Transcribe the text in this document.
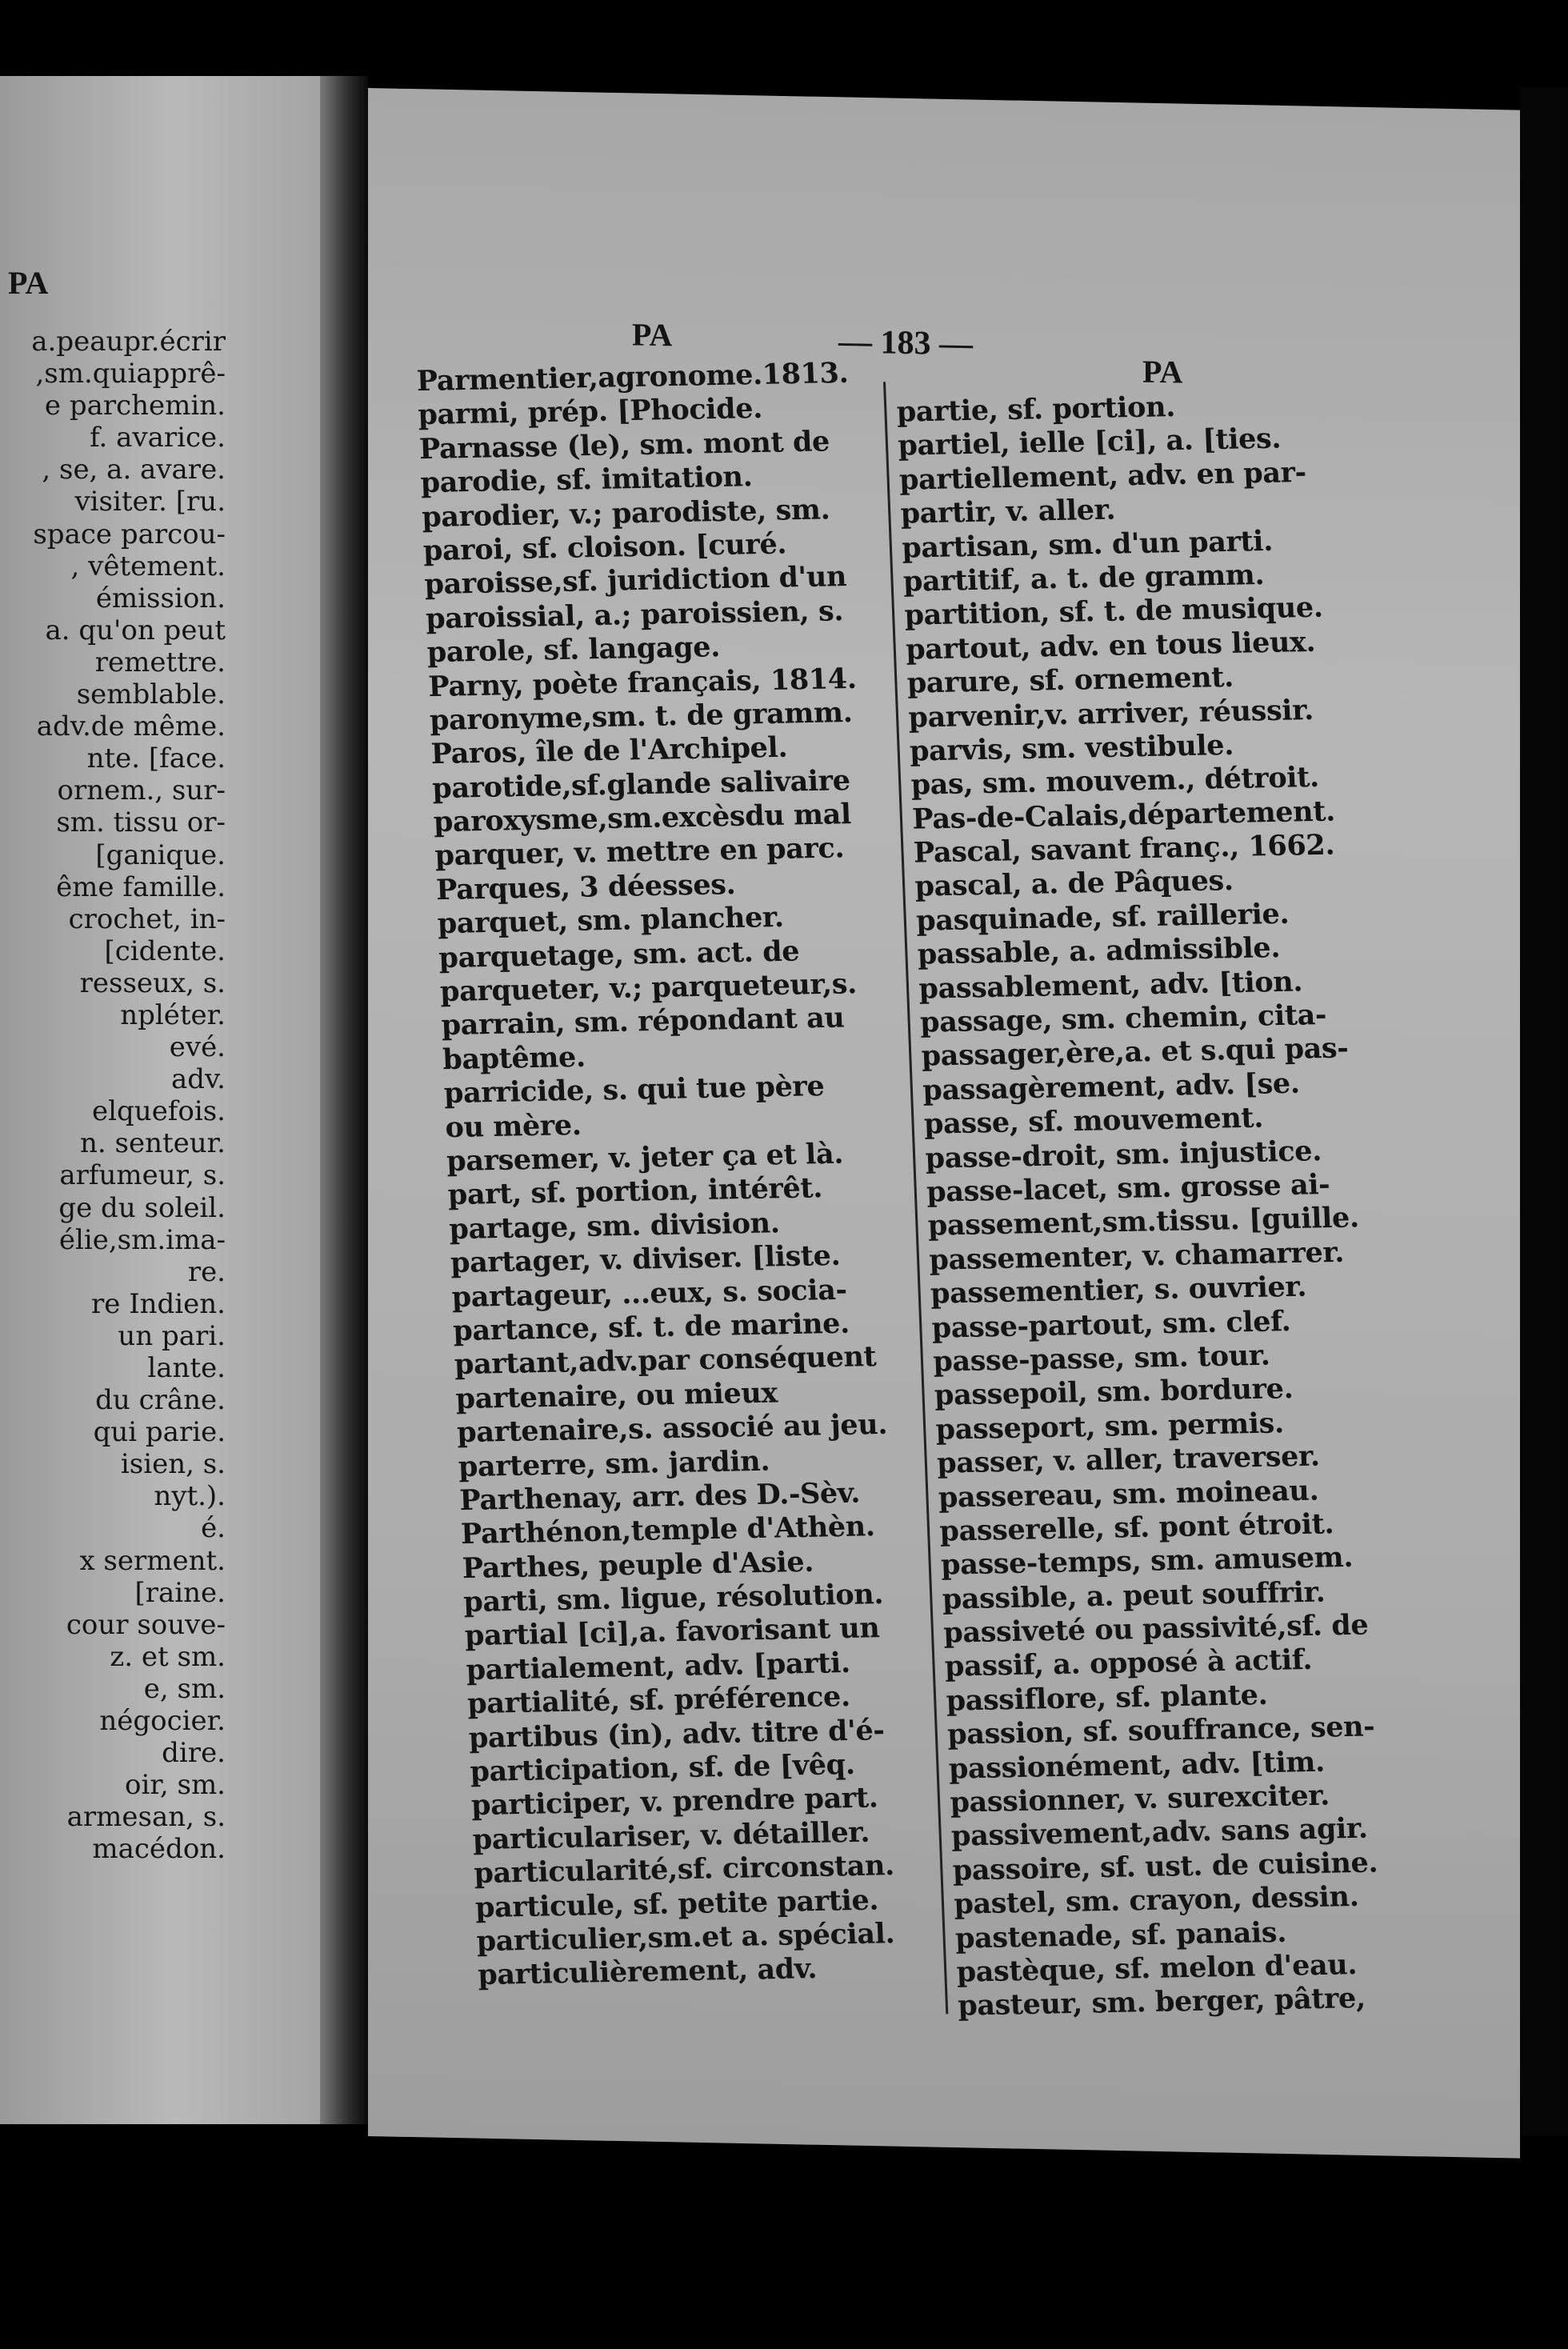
PA
a.peaupr.écrir
,sm.quiapprê-
e parchemin.
f. avarice.
, se, a. avare.
visiter. [ru.
space parcou-
, vêtement.
émission.
a. qu'on peut
remettre.
semblable.
adv.de même.
nte. [face.
ornem., sur-
sm. tissu or-
[ganique.
ême famille.
crochet, in-
[cidente.
resseux, s.
npléter.
evé.
adv.
elquefois.
n. senteur.
arfumeur, s.
ge du soleil.
élie,sm.ima-
re.
re Indien.
un pari.
lante.
du crâne.
qui parie.
isien, s.
nyt.).
é.
x serment.
[raine.
cour souve-
z. et sm.
e, sm.
négocier.
dire.
oir, sm.
armesan, s.
macédon.
PA	— 183 —
PA
Parmentier,agronome.1813.
parmi, prép. [Phocide.
Parnasse (le), sm. mont de
parodie, sf. imitation.
parodier, v.; parodiste, sm.
paroi, sf. cloison. [curé.
paroisse,sf. juridiction d'un
paroissial, a.; paroissien, s.
parole, sf. langage.
Parny, poète français, 1814.
paronyme,sm. t. de gramm.
Paros, île de l'Archipel.
parotide,sf.glande salivaire
paroxysme,sm.excèsdu mal
parquer, v. mettre en parc.
Parques, 3 déesses.
parquet, sm. plancher.
parquetage, sm. act. de
parqueter, v.; parqueteur,s.
parrain, sm. répondant au
baptême.
parricide, s. qui tue père
ou mère.
parsemer, v. jeter ça et là.
part, sf. portion, intérêt.
partage, sm. division.
partager, v. diviser. [liste.
partageur, ...eux, s. socia-
partance, sf. t. de marine.
partant,adv.par conséquent
partenaire, ou mieux
partenaire,s. associé au jeu.
parterre, sm. jardin.
Parthenay, arr. des D.-Sèv.
Parthénon,temple d'Athèn.
Parthes, peuple d'Asie.
parti, sm. ligue, résolution.
partial [ci],a. favorisant un
partialement, adv. [parti.
partialité, sf. préférence.
partibus (in), adv. titre d'é-
participation, sf. de [vêq.
participer, v. prendre part.
particulariser, v. détailler.
particularité,sf. circonstan.
particule, sf. petite partie.
particulier,sm.et a. spécial.
particulièrement, adv.
partie, sf. portion.
partiel, ielle [ci], a. [ties.
partiellement, adv. en par-
partir, v. aller.
partisan, sm. d'un parti.
partitif, a. t. de gramm.
partition, sf. t. de musique.
partout, adv. en tous lieux.
parure, sf. ornement.
parvenir,v. arriver, réussir.
parvis, sm. vestibule.
pas, sm. mouvem., détroit.
Pas-de-Calais,département.
Pascal, savant franç., 1662.
pascal, a. de Pâques.
pasquinade, sf. raillerie.
passable, a. admissible.
passablement, adv. [tion.
passage, sm. chemin, cita-
passager,ère,a. et s.qui pas-
passagèrement, adv. [se.
passe, sf. mouvement.
passe-droit, sm. injustice.
passe-lacet, sm. grosse ai-
passement,sm.tissu. [guille.
passementer, v. chamarrer.
passementier, s. ouvrier.
passe-partout, sm. clef.
passe-passe, sm. tour.
passepoil, sm. bordure.
passeport, sm. permis.
passer, v. aller, traverser.
passereau, sm. moineau.
passerelle, sf. pont étroit.
passe-temps, sm. amusem.
passible, a. peut souffrir.
passiveté ou passivité,sf. de
passif, a. opposé à actif.
passiflore, sf. plante.
passion, sf. souffrance, sen-
passionément, adv. [tim.
passionner, v. surexciter.
passivement,adv. sans agir.
passoire, sf. ust. de cuisine.
pastel, sm. crayon, dessin.
pastenade, sf. panais.
pastèque, sf. melon d'eau.
pasteur, sm. berger, pâtre,
